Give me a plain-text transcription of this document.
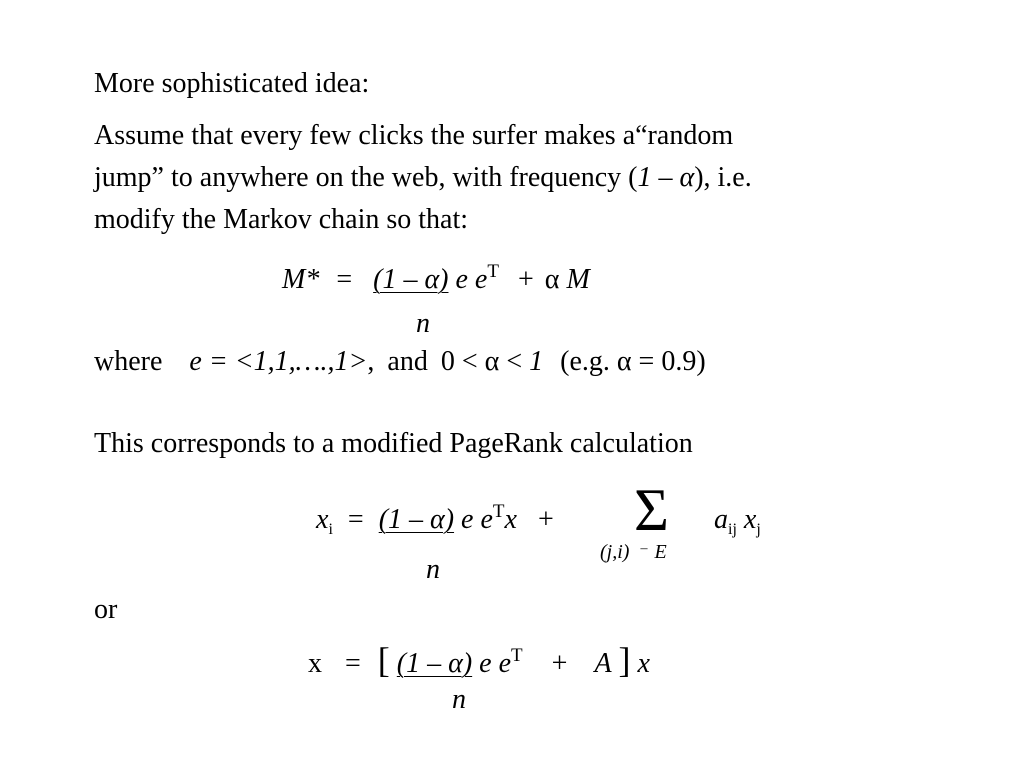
More sophisticated idea:
Assume that every few clicks the surfer makes a“random
jump” to anywhere on the web, with frequency (1 – α), i.e.
modify the Markov chain so that:
M* = (1 – α) e $e^T + \alpha$ M
n
where e = <1,1,….,1>, and 0 < α < 1 (e.g. α = 0.9)
This corresponds to a modified PageRank calculation
$x_i = (1 - \alpha)$ e $e^Tx + \Sigma$
(j,i) – E
$a_{ij}$ $x_j$
n
or
x = [ (1 – α) e $e^T + A$ ] x
n
